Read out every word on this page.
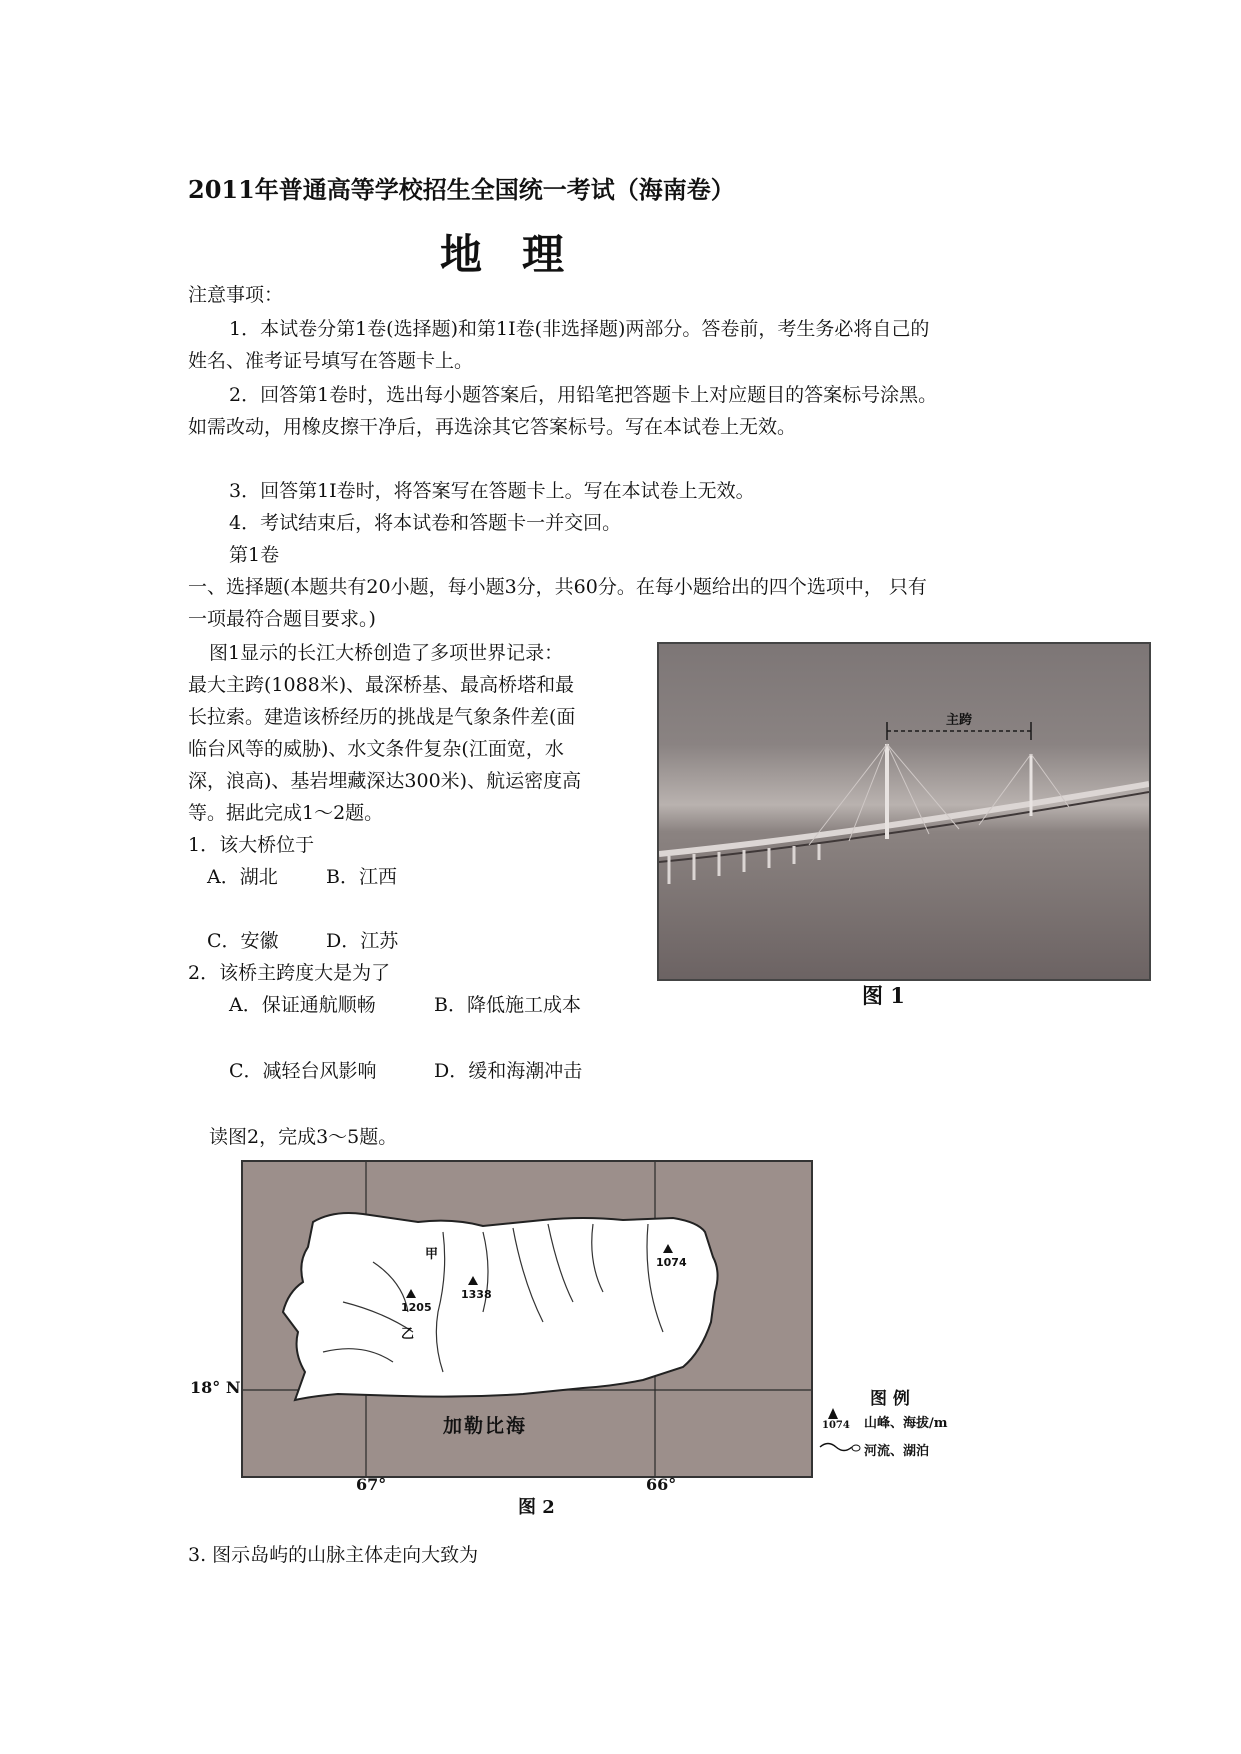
2011年普通高等学校招生全国统一考试（海南卷）
地理
注意事项：
1．本试卷分第1卷(选择题)和第1I卷(非选择题)两部分。答卷前，考生务必将自己的
姓名、准考证号填写在答题卡上。
2．回答第1卷时，选出每小题答案后，用铅笔把答题卡上对应题目的答案标号涂黑。
如需改动，用橡皮擦干净后，再选涂其它答案标号。写在本试卷上无效。
3．回答第1I卷时，将答案写在答题卡上。写在本试卷上无效。
4．考试结束后，将本试卷和答题卡一并交回。
第1卷
一、选择题(本题共有20小题，每小题3分，共60分。在每小题给出的四个选项中， 只有
一项最符合题目要求。)
图1显示的长江大桥创造了多项世界记录：
最大主跨(1088米)、最深桥基、最高桥塔和最
长拉索。建造该桥经历的挑战是气象条件差(面
临台风等的威胁)、水文条件复杂(江面宽，水
深，浪高)、基岩埋藏深达300米)、航运密度高
等。据此完成1～2题。
1．该大桥位于
A．湖北	B．江西
C．安徽 D．江苏
2．该桥主跨度大是为了
A．保证通航顺畅	B．降低施工成本
C．减轻台风影响	D．缓和海潮冲击
主跨
图 1
读图2，完成3～5题。
1074
1338
1205
甲
乙
加勒比海
18° N
67°	66°
图 2
图 例
1074 山峰、海拔/m
河流、湖泊
3. 图示岛屿的山脉主体走向大致为
